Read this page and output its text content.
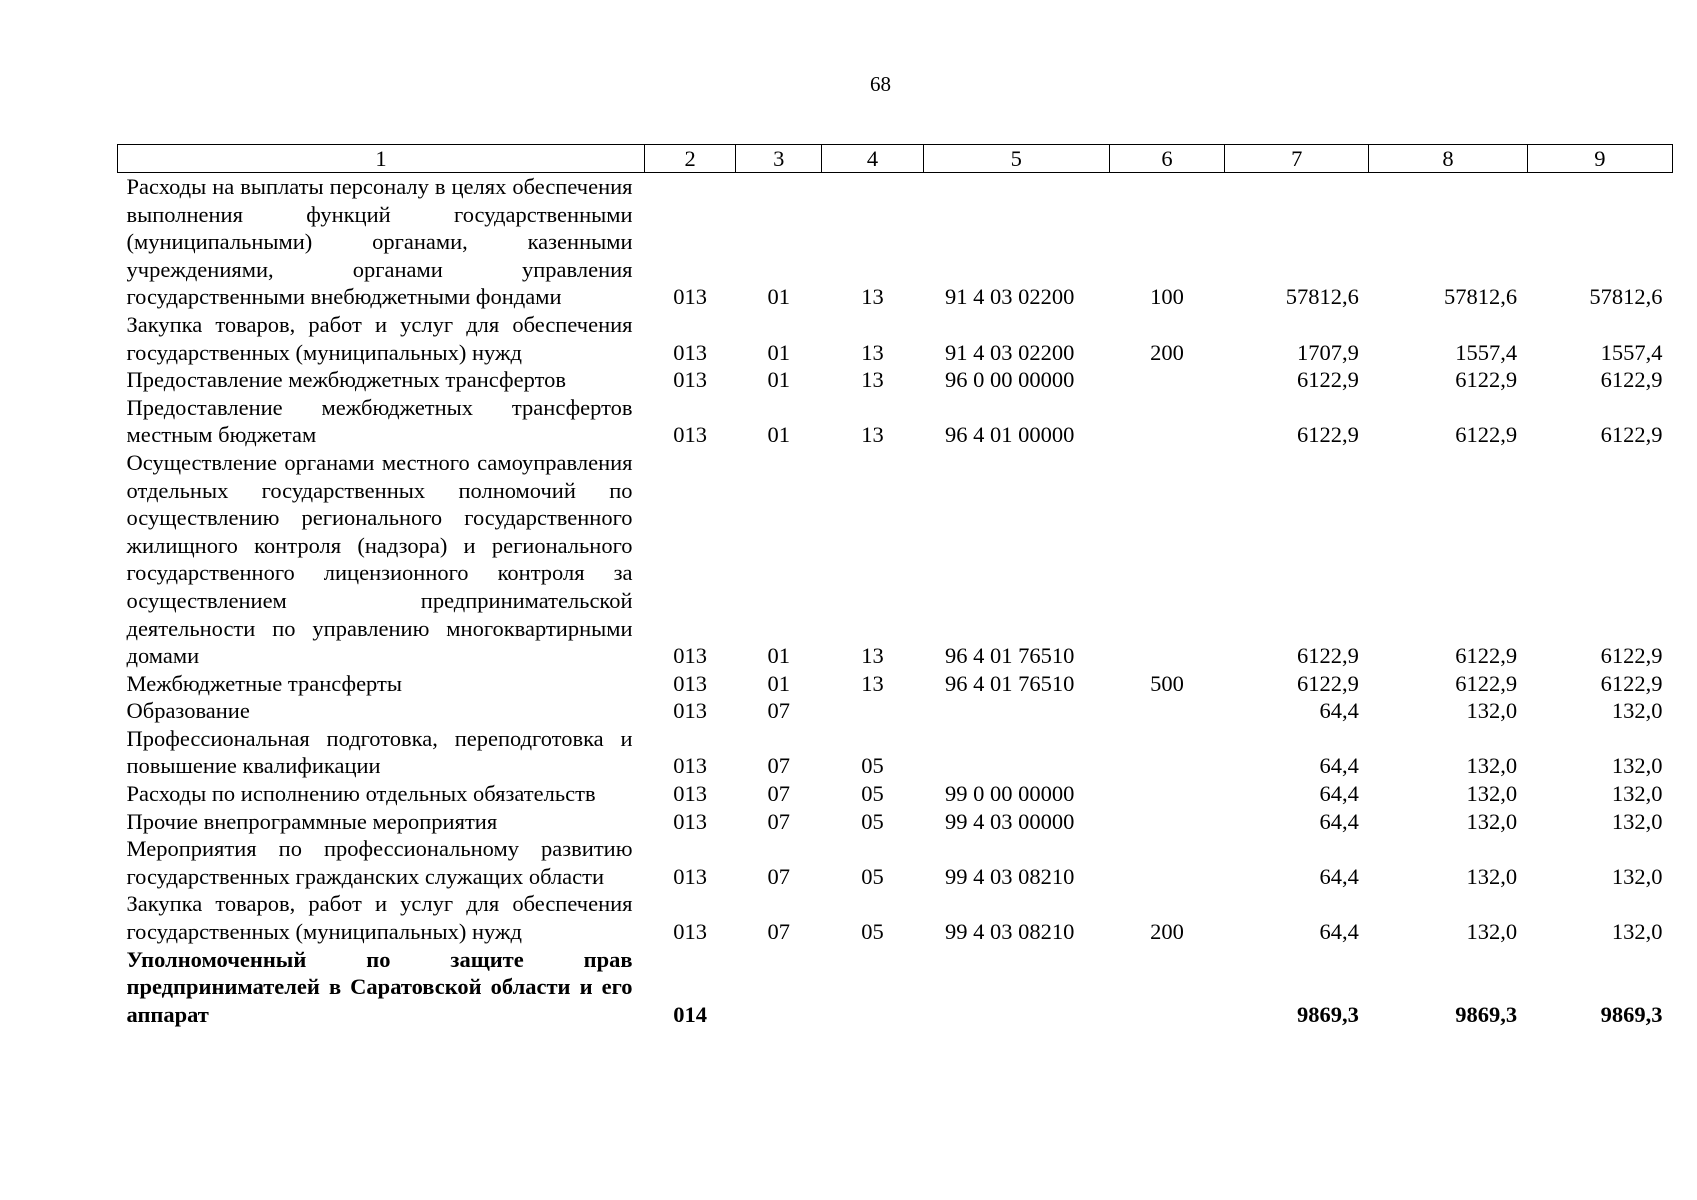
68
1	2	3	4	5	6	7	8	9
Расходы на выплаты персоналу в целях обеспечения выполнения функций государственными (муниципальными) органами, казенными учреждениями, органами управления государственными внебюджетными фондами	013	01	13	91 4 03 02200	100	57812,6	57812,6	57812,6
Закупка товаров, работ и услуг для обеспечения государственных (муниципальных) нужд	013	01	13	91 4 03 02200	200	1707,9	1557,4	1557,4
Предоставление межбюджетных трансфертов	013	01	13	96 0 00 00000		6122,9	6122,9	6122,9
Предоставление межбюджетных трансфертов местным бюджетам	013	01	13	96 4 01 00000		6122,9	6122,9	6122,9
Осуществление органами местного самоуправления отдельных государственных полномочий по осуществлению регионального государственного жилищного контроля (надзора) и регионального государственного лицензионного контроля за осуществлением предпринимательской деятельности по управлению многоквартирными домами	013	01	13	96 4 01 76510		6122,9	6122,9	6122,9
Межбюджетные трансферты	013	01	13	96 4 01 76510	500	6122,9	6122,9	6122,9
Образование	013	07				64,4	132,0	132,0
Профессиональная подготовка, переподготовка и повышение квалификации	013	07	05			64,4	132,0	132,0
Расходы по исполнению отдельных обязательств	013	07	05	99 0 00 00000		64,4	132,0	132,0
Прочие внепрограммные мероприятия	013	07	05	99 4 03 00000		64,4	132,0	132,0
Мероприятия по профессиональному развитию государственных гражданских служащих области	013	07	05	99 4 03 08210		64,4	132,0	132,0
Закупка товаров, работ и услуг для обеспечения государственных (муниципальных) нужд	013	07	05	99 4 03 08210	200	64,4	132,0	132,0
Уполномоченный по защите прав предпринимателей в Саратовской области и его аппарат	014					9869,3	9869,3	9869,3
